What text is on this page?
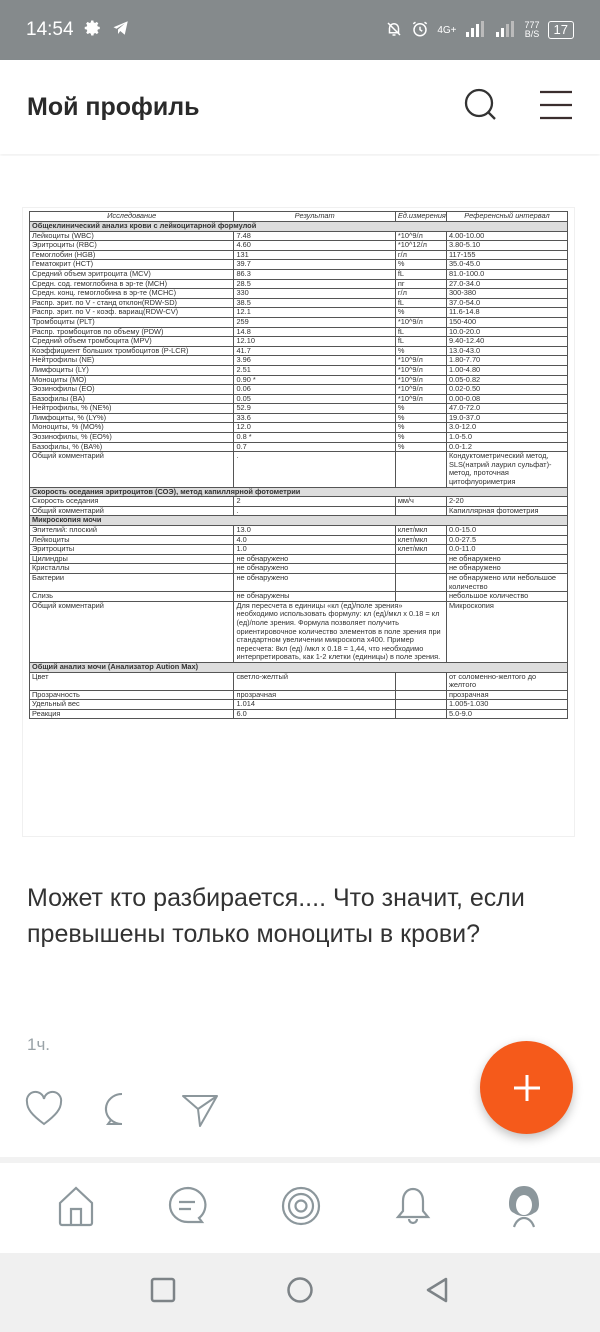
14:54	4G+	777
B/S	17
Мой профиль
Исследование	Результат	Ед.измерения	Референсный интервал
Общеклинический анализ крови с лейкоцитарной формулой			
Лейкоциты (WBC)	7.48	*10^9/л	4.00-10.00
Эритроциты (RBC)	4.60	*10^12/л	3.80-5.10
Гемоглобин (HGB)	131	г/л	117-155
Гематокрит (HCT)	39.7	%	35.0-45.0
Средний объем эритроцита (MCV)	86.3	fL	81.0-100.0
Средн. сод. гемоглобина в эр-те (MCH)	28.5	пг	27.0-34.0
Средн. конц. гемоглобина в эр-те (MCHC)	330	г/л	300-380
Распр. эрит. по V - станд отклон(RDW-SD)	38.5	fL	37.0-54.0
Распр. эрит. по V - коэф. вариац(RDW-CV)	12.1	%	11.6-14.8
Тромбоциты (PLT)	259	*10^9/л	150-400
Распр. тромбоцитов по объему (PDW)	14.8	fL	10.0-20.0
Средний объем тромбоцита (MPV)	12.10	fL	9.40-12.40
Коэффициент больших тромбоцитов (P-LCR)	41.7	%	13.0-43.0
Нейтрофилы (NE)	3.96	*10^9/л	1.80-7.70
Лимфоциты (LY)	2.51	*10^9/л	1.00-4.80
Моноциты (MO)	0.90 *	*10^9/л	0.05-0.82
Эозинофилы (EO)	0.06	*10^9/л	0.02-0.50
Базофилы (BA)	0.05	*10^9/л	0.00-0.08
Нейтрофилы, % (NE%)	52.9	%	47.0-72.0
Лимфоциты, % (LY%)	33.6	%	19.0-37.0
Моноциты, % (MO%)	12.0	%	3.0-12.0
Эозинофилы, % (EO%)	0.8 *	%	1.0-5.0
Базофилы, % (BA%)	0.7	%	0.0-1.2
Общий комментарий	.		Кондуктометрический метод, SLS(натрий лаурил сульфат)-метод, проточная цитофлуориметрия
Скорость оседания эритроцитов (СОЭ), метод капиллярной фотометрии			
Скорость оседания	2	мм/ч	2-20
Общий комментарий	.		Капиллярная фотометрия
Микроскопия мочи			
Эпителий: плоский	13.0	клет/мкл	0.0-15.0
Лейкоциты	4.0	клет/мкл	0.0-27.5
Эритроциты	1.0	клет/мкл	0.0-11.0
Цилиндры	не обнаружено		не обнаружено
Кристаллы	не обнаружено		не обнаружено
Бактерии	не обнаружено		не обнаружено или небольшое количество
Слизь	не обнаружены		небольшое количество
Общий комментарий	Для пересчета в единицы «кл (ед)/поле зрения» необходимо использовать формулу: кл (ед)/мкл х 0.18 = кл (ед)/поле зрения. Формула позволяет получить ориентировочное количество элементов в поле зрения при стандартном увеличении микроскопа х400. Пример пересчета: 8кл (ед) /мкл х 0.18 = 1,44, что необходимо интерпретировать, как 1-2 клетки (единицы) в поле зрения.		Микроскопия
Общий анализ мочи (Анализатор Aution Max)			
Цвет	светло-желтый		от соломенно-желтого до желтого
Прозрачность	прозрачная		прозрачная
Удельный вес	1.014		1.005-1.030
Реакция	6.0		5.0-9.0
Может кто разбирается.... Что значит, если превышены только моноциты в крови?
1ч.
